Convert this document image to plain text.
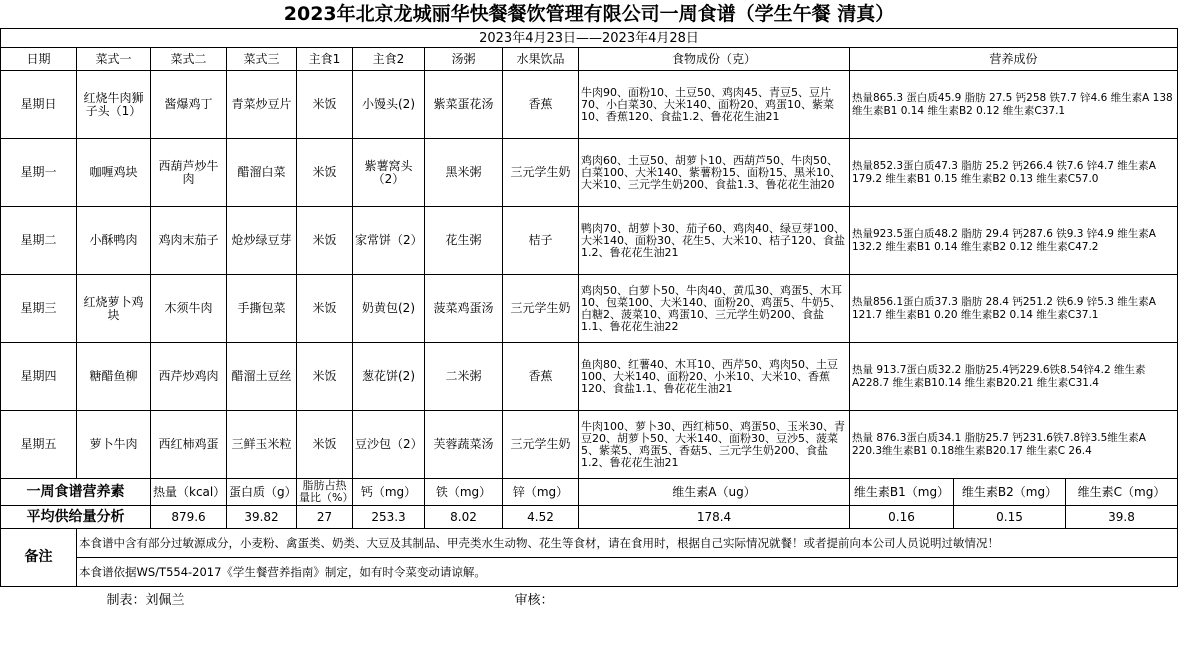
2023年北京龙城丽华快餐餐饮管理有限公司一周食谱（学生午餐 清真）											
2023年4月23日——2023年4月28日											
日期	菜式一	菜式二	菜式三	主食1	主食2	汤粥	水果饮品	食物成份（克）	营养成份		
星期日	红烧牛肉狮子头（1）	酱爆鸡丁	青菜炒豆片	米饭	小馒头(2)	紫菜蛋花汤	香蕉	牛肉90、面粉10、土豆50、鸡肉45、青豆5、豆片70、小白菜30、大米140、面粉20、鸡蛋10、紫菜10、香蕉120、食盐1.2、鲁花花生油21	热量865.3 蛋白质45.9 脂肪 27.5 钙258 铁7.7 锌4.6 维生素A 138 维生素B1 0.14 维生素B2 0.12 维生素C37.1		
星期一	咖喱鸡块	西葫芦炒牛肉	醋溜白菜	米饭	紫薯窝头（2）	黑米粥	三元学生奶	鸡肉60、土豆50、胡萝卜10、西葫芦50、牛肉50、白菜100、大米140、紫薯粉15、面粉15、黑米10、大米10、三元学生奶200、食盐1.3、鲁花花生油20	热量852.3蛋白质47.3 脂肪 25.2 钙266.4 铁7.6 锌4.7 维生素A 179.2 维生素B1 0.15 维生素B2 0.13 维生素C57.0		
星期二	小酥鸭肉	鸡肉末茄子	炝炒绿豆芽	米饭	家常饼（2）	花生粥	桔子	鸭肉70、胡萝卜30、茄子60、鸡肉40、绿豆芽100、大米140、面粉30、花生5、大米10、桔子120、食盐1.2、鲁花花生油21	热量923.5蛋白质48.2 脂肪 29.4 钙287.6 铁9.3 锌4.9 维生素A 132.2 维生素B1 0.14 维生素B2 0.12 维生素C47.2		
星期三	红烧萝卜鸡块	木须牛肉	手撕包菜	米饭	奶黄包(2)	菠菜鸡蛋汤	三元学生奶	鸡肉50、白萝卜50、牛肉40、黄瓜30、鸡蛋5、木耳10、包菜100、大米140、面粉20、鸡蛋5、牛奶5、白糖2、菠菜10、鸡蛋10、三元学生奶200、食盐1.1、鲁花花生油22	热量856.1蛋白质37.3 脂肪 28.4 钙251.2 铁6.9 锌5.3 维生素A 121.7 维生素B1 0.20 维生素B2 0.14 维生素C37.1		
星期四	糖醋鱼柳	西芹炒鸡肉	醋溜土豆丝	米饭	葱花饼(2)	二米粥	香蕉	鱼肉80、红薯40、木耳10、西芹50、鸡肉50、土豆100、大米140、面粉20、小米10、大米10、香蕉120、食盐1.1、鲁花花生油21	热量 913.7蛋白质32.2 脂肪25.4钙229.6铁8.54锌4.2 维生素A228.7 维生素B10.14 维生素B20.21 维生素C31.4		
星期五	萝卜牛肉	西红柿鸡蛋	三鲜玉米粒	米饭	豆沙包（2）	芙蓉蔬菜汤	三元学生奶	牛肉100、萝卜30、西红柿50、鸡蛋50、玉米30、青豆20、胡萝卜50、大米140、面粉30、豆沙5、菠菜5、紫菜5、鸡蛋5、香菇5、三元学生奶200、食盐1.2、鲁花花生油21	热量 876.3蛋白质34.1 脂肪25.7 钙231.6铁7.8锌3.5维生素A 220.3维生素B1 0.18维生素B20.17 维生素C 26.4		
一周食谱营养素		热量（kcal）	蛋白质（g）	脂肪占热量比（%）	钙（mg）	铁（mg）	锌（mg）	维生素A（ug）	维生素B1（mg）	维生素B2（mg）	维生素C（mg）
平均供给量分析		879.6	39.82	27	253.3	8.02	4.52	178.4	0.16	0.15	39.8
备注	本食谱中含有部分过敏源成分，小麦粉、禽蛋类、奶类、大豆及其制品、甲壳类水生动物、花生等食材，请在食用时，根据自己实际情况就餐！或者提前向本公司人员说明过敏情况！										
	本食谱依据WS/T554-2017《学生餐营养指南》制定，如有时令菜变动请谅解。										
	制表：刘佩兰						审核：				
